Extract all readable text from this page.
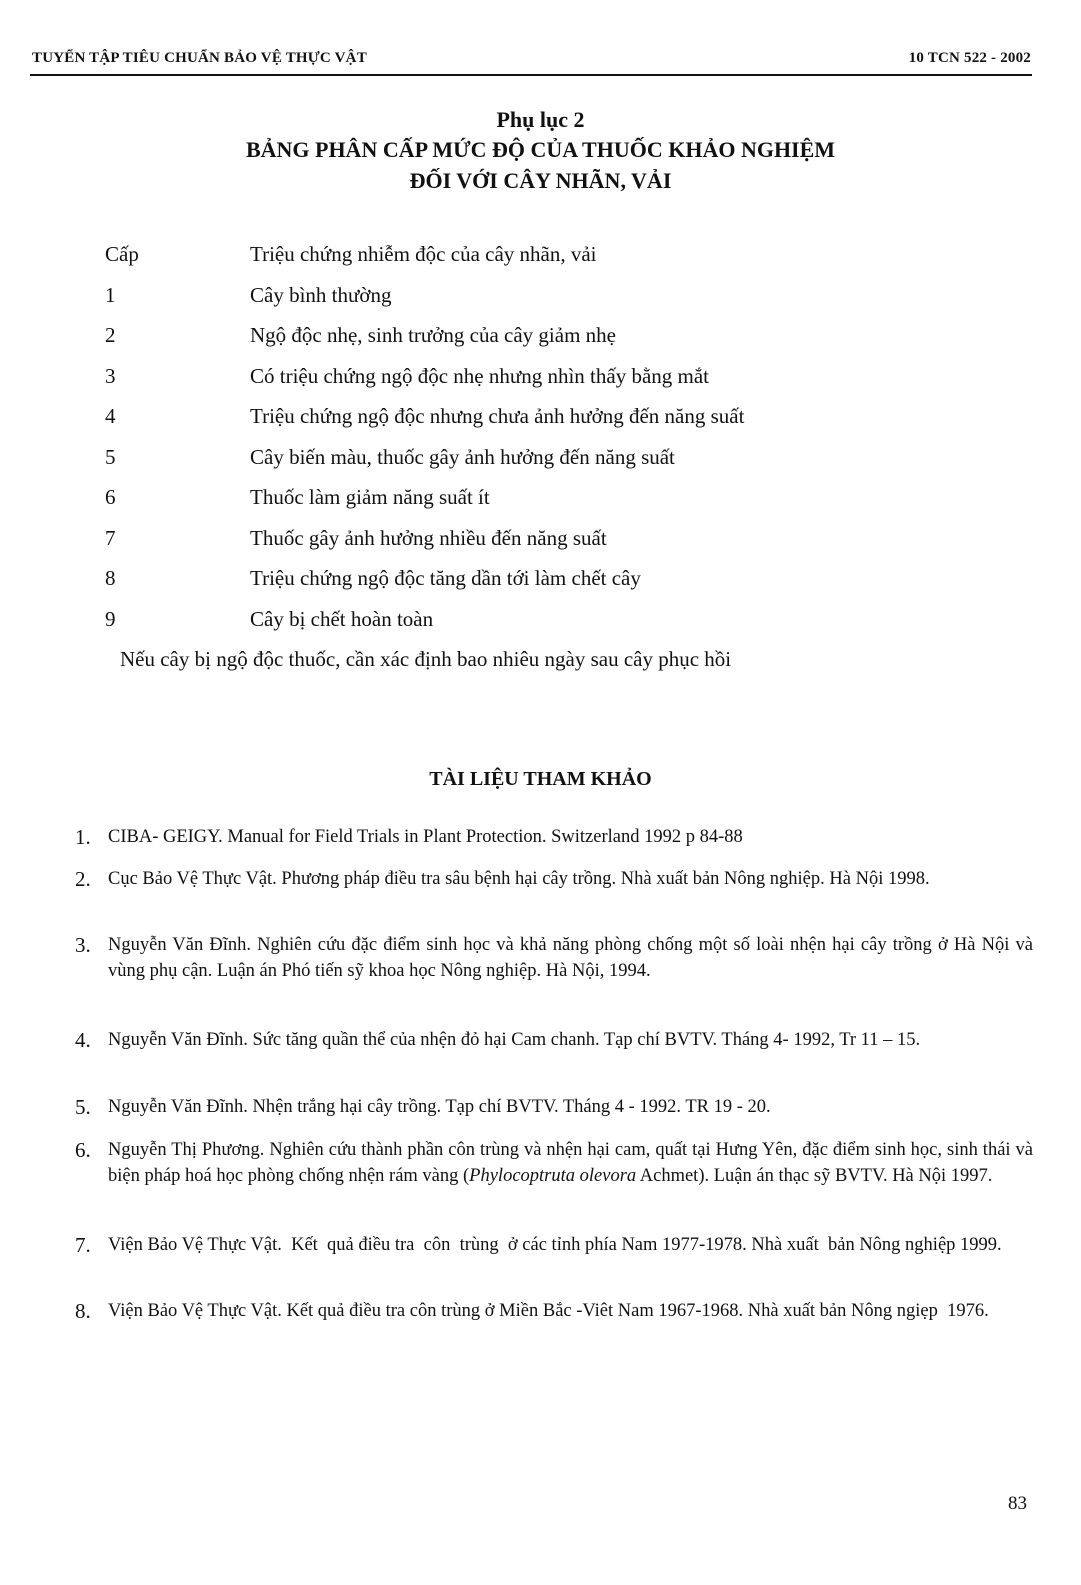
TUYỂN TẬP TIÊU CHUẨN BẢO VỆ THỰC VẬT	10 TCN 522 - 2002
Phụ lục 2
BẢNG PHÂN CẤP MỨC ĐỘ CỦA THUỐC KHẢO NGHIỆM
ĐỐI VỚI CÂY NHÃN, VẢI
Cấp	Triệu chứng nhiễm độc của cây nhãn, vải
1	Cây bình thường
2	Ngộ độc nhẹ, sinh trưởng của cây giảm nhẹ
3	Có triệu chứng ngộ độc nhẹ nhưng nhìn thấy bằng mắt
4	Triệu chứng ngộ độc nhưng chưa ảnh hưởng đến năng suất
5	Cây biến màu, thuốc gây ảnh hưởng đến năng suất
6	Thuốc làm giảm năng suất ít
7	Thuốc gây ảnh hưởng nhiều đến năng suất
8	Triệu chứng ngộ độc tăng dần tới làm chết cây
9	Cây bị chết hoàn toàn
Nếu cây bị ngộ độc thuốc, cần xác định bao nhiêu ngày sau cây phục hồi
TÀI LIỆU THAM KHẢO
1. CIBA- GEIGY. Manual for Field Trials in Plant Protection. Switzerland 1992 p 84-88
2. Cục Bảo Vệ Thực Vật. Phương pháp điều tra sâu bệnh hại cây trồng. Nhà xuất bản Nông nghiệp. Hà Nội 1998.
3. Nguyễn Văn Đĩnh. Nghiên cứu đặc điểm sinh học và khả năng phòng chống một số loài nhện hại cây trồng ở Hà Nội và vùng phụ cận. Luận án Phó tiến sỹ khoa học Nông nghiệp. Hà Nội, 1994.
4. Nguyễn Văn Đĩnh. Sức tăng quần thể của nhện đỏ hại Cam chanh. Tạp chí BVTV. Tháng 4- 1992, Tr 11 – 15.
5. Nguyễn Văn Đĩnh. Nhện trắng hại cây trồng. Tạp chí BVTV. Tháng 4 - 1992. TR 19 - 20.
6. Nguyễn Thị Phương. Nghiên cứu thành phần côn trùng và nhện hại cam, quất tại Hưng Yên, đặc điểm sinh học, sinh thái và biện pháp hoá học phòng chống nhện rám vàng (Phylocoptruta olevora Achmet). Luận án thạc sỹ BVTV. Hà Nội 1997.
7. Viện Bảo Vệ Thực Vật.  Kết  quả điều tra  côn  trùng  ở các tỉnh phía Nam 1977-1978. Nhà xuất  bản Nông nghiệp 1999.
8. Viện Bảo Vệ Thực Vật. Kết quả điều tra côn trùng ở Miền Bắc -Viêt Nam 1967-1968. Nhà xuất bản Nông ngiẹp  1976.
83
